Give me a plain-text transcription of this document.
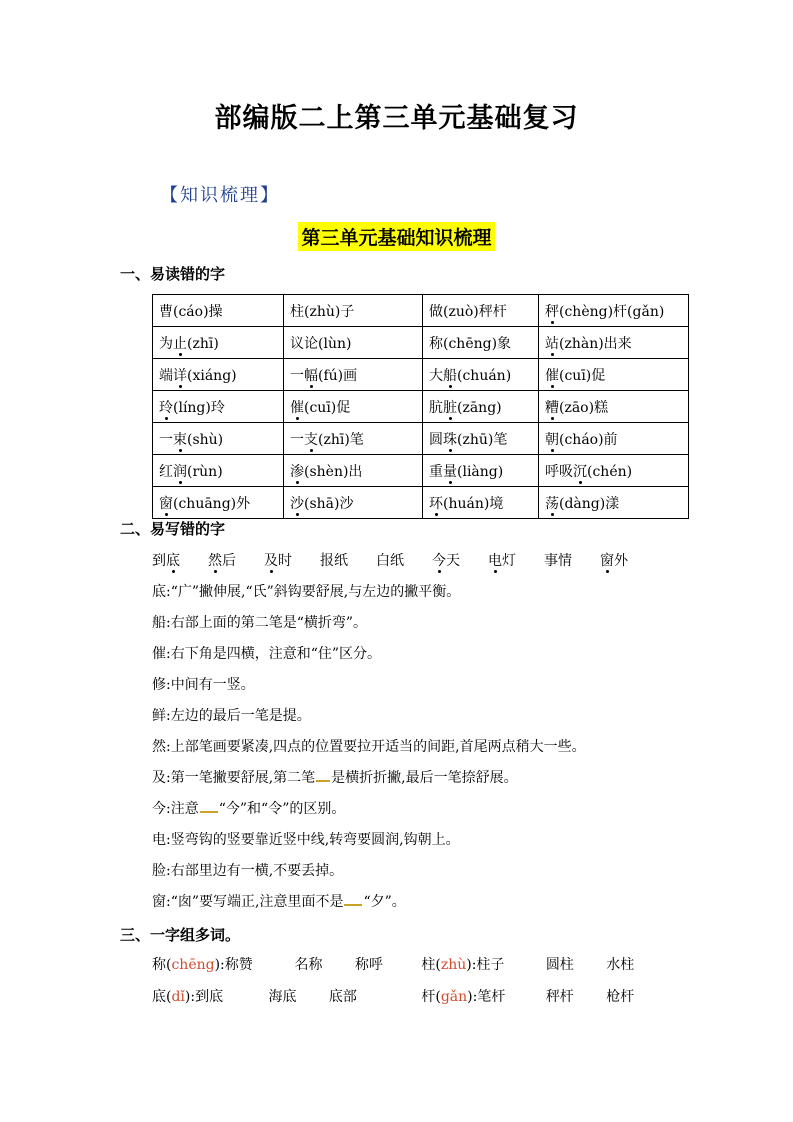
部编版二上第三单元基础复习
【知识梳理】
第三单元基础知识梳理
一、易读错的字
曹(cáo)操	柱(zhù)子	做(zuò)秤杆	秤(chèng)杆(gǎn)
为止(zhī)	议论(lùn)	称(chēng)象	站(zhàn)出来
端详(xiáng)	一幅(fú)画	大船(chuán)	催(cuī)促
玲(líng)玲	催(cuī)促	肮脏(zāng)	糟(zāo)糕
一束(shù)	一支(zhī)笔	圆珠(zhū)笔	朝(cháo)前
红润(rùn)	渗(shèn)出	重量(liàng)	呼吸沉(chén)
窗(chuāng)外	沙(shā)沙	环(huán)境	荡(dàng)漾
二、易写错的字
到底 然后 及时 报纸 白纸 今天 电灯 事情 窗外
底:“广”撇伸展,“氏”斜钩要舒展,与左边的撇平衡。
船:右部上面的第二笔是“横折弯”。
催:右下角是四横，注意和“住”区分。
修:中间有一竖。
鲜:左边的最后一笔是提。
然:上部笔画要紧凑,四点的位置要拉开适当的间距,首尾两点稍大一些。
及:第一笔撇要舒展,第二笔 是横折折撇,最后一笔捺舒展。
今:注意 “今”和“令”的区别。
电:竖弯钩的竖要靠近竖中线,转弯要圆润,钩朝上。
脸:右部里边有一横,不要丢掉。
窗:“囱”要写端正,注意里面不是 “夕”。
三、一字组多词。
称(chēng):称赞	名称 称呼	柱(zhù):柱子	圆柱 水柱
底(dǐ):到底	海底 底部	杆(gǎn):笔杆	秤杆 枪杆
